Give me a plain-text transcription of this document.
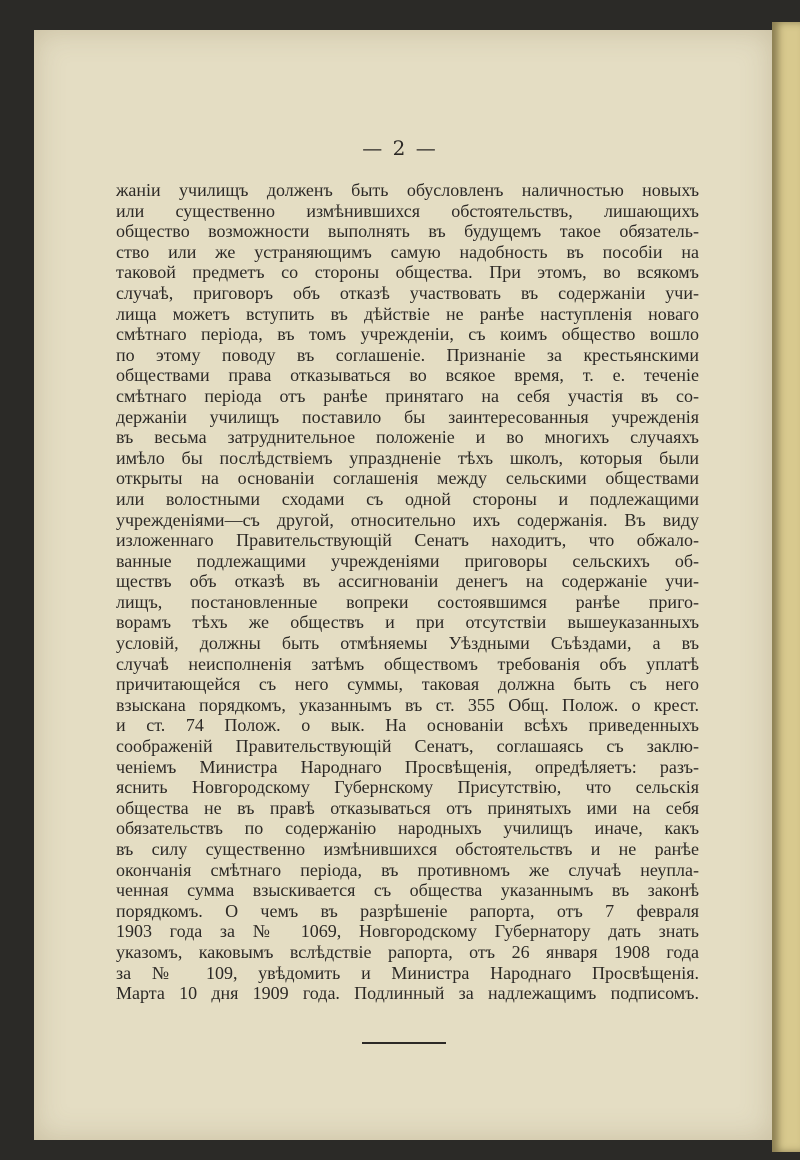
— 2 —
жаніи училищъ долженъ быть обусловленъ наличностью новыхъ
или существенно измѣнившихся обстоятельствъ, лишающихъ
общество возможности выполнять въ будущемъ такое обязатель-
ство или же устраняющимъ самую надобность въ пособіи на
таковой предметъ со стороны общества. При этомъ, во всякомъ
случаѣ, приговоръ объ отказѣ участвовать въ содержаніи учи-
лища можетъ вступить въ дѣйствіе не ранѣе наступленія новаго
смѣтнаго періода, въ томъ учрежденіи, съ коимъ общество вошло
по этому поводу въ соглашеніе. Признаніе за крестьянскими
обществами права отказываться во всякое время, т. е. теченіе
смѣтнаго періода отъ ранѣе принятаго на себя участія въ со-
держаніи училищъ поставило бы заинтересованныя учрежденія
въ весьма затруднительное положеніе и во многихъ случаяхъ
имѣло бы послѣдствіемъ упраздненіе тѣхъ школъ, которыя были
открыты на основаніи соглашенія между сельскими обществами
или волостными сходами съ одной стороны и подлежащими
учрежденіями—съ другой, относительно ихъ содержанія. Въ виду
изложеннаго Правительствующій Сенатъ находитъ, что обжало-
ванные подлежащими учрежденіями приговоры сельскихъ об-
ществъ объ отказѣ въ ассигнованіи денегъ на содержаніе учи-
лищъ, постановленные вопреки состоявшимся ранѣе приго-
ворамъ тѣхъ же обществъ и при отсутствіи вышеуказанныхъ
условій, должны быть отмѣняемы Уѣздными Съѣздами, а въ
случаѣ неисполненія затѣмъ обществомъ требованія объ уплатѣ
причитающейся съ него суммы, таковая должна быть съ него
взыскана порядкомъ, указаннымъ въ ст. 355 Общ. Полож. о крест.
и ст. 74 Полож. о вык. На основаніи всѣхъ приведенныхъ
соображеній Правительствующій Сенатъ, соглашаясь съ заклю-
ченіемъ Министра Народнаго Просвѣщенія, опредѣляетъ: разъ-
яснить Новгородскому Губернскому Присутствію, что сельскія
общества не въ правѣ отказываться отъ принятыхъ ими на себя
обязательствъ по содержанію народныхъ училищъ иначе, какъ
въ силу существенно измѣнившихся обстоятельствъ и не ранѣе
окончанія смѣтнаго періода, въ противномъ же случаѣ неупла-
ченная сумма взыскивается съ общества указаннымъ въ законѣ
порядкомъ. О чемъ въ разрѣшеніе рапорта, отъ 7 февраля
1903 года за № 1069, Новгородскому Губернатору дать знать
указомъ, каковымъ вслѣдствіе рапорта, отъ 26 января 1908 года
за № 109, увѣдомить и Министра Народнаго Просвѣщенія.
Марта 10 дня 1909 года. Подлинный за надлежащимъ подписомъ.
